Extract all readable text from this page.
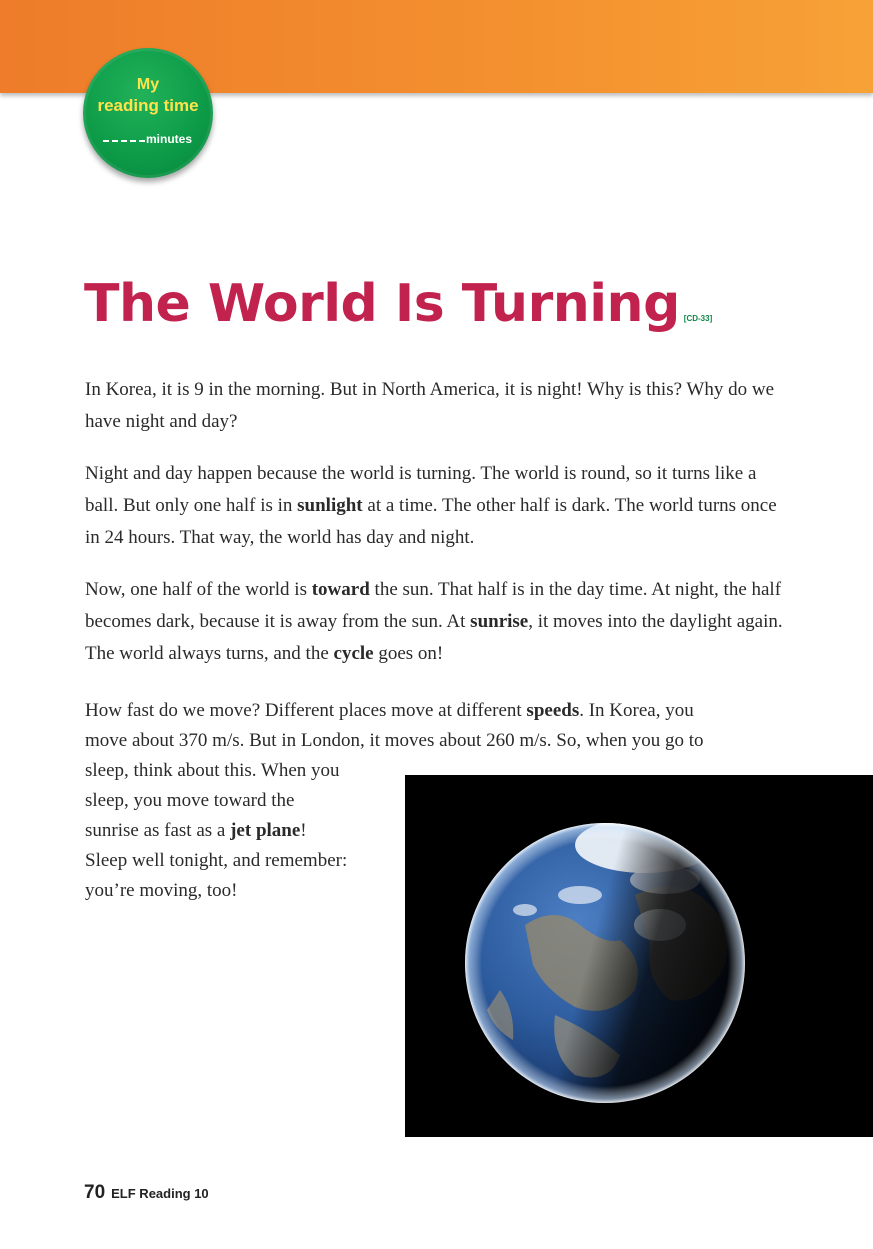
My
reading time
minutes
The World Is Turning [CD-33]

In Korea, it is 9 in the morning. But in North America, it is night! Why is this? Why do we have night and day?

Night and day happen because the world is turning. The world is round, so it turns like a ball. But only one half is in sunlight at a time. The other half is dark. The world turns once in 24 hours. That way, the world has day and night.

Now, one half of the world is toward the sun. That half is in the day time. At night, the half becomes dark, because it is away from the sun. At sunrise, it moves into the daylight again. The world always turns, and the cycle goes on!

How fast do we move? Different places move at different speeds. In Korea, you
move about 370 m/s. But in London, it moves about 260 m/s. So, when you go to
sleep, think about this. When you
sleep, you move toward the
sunrise as fast as a jet plane!
Sleep well tonight, and remember:
you’re moving, too!

70 ELF Reading 10
